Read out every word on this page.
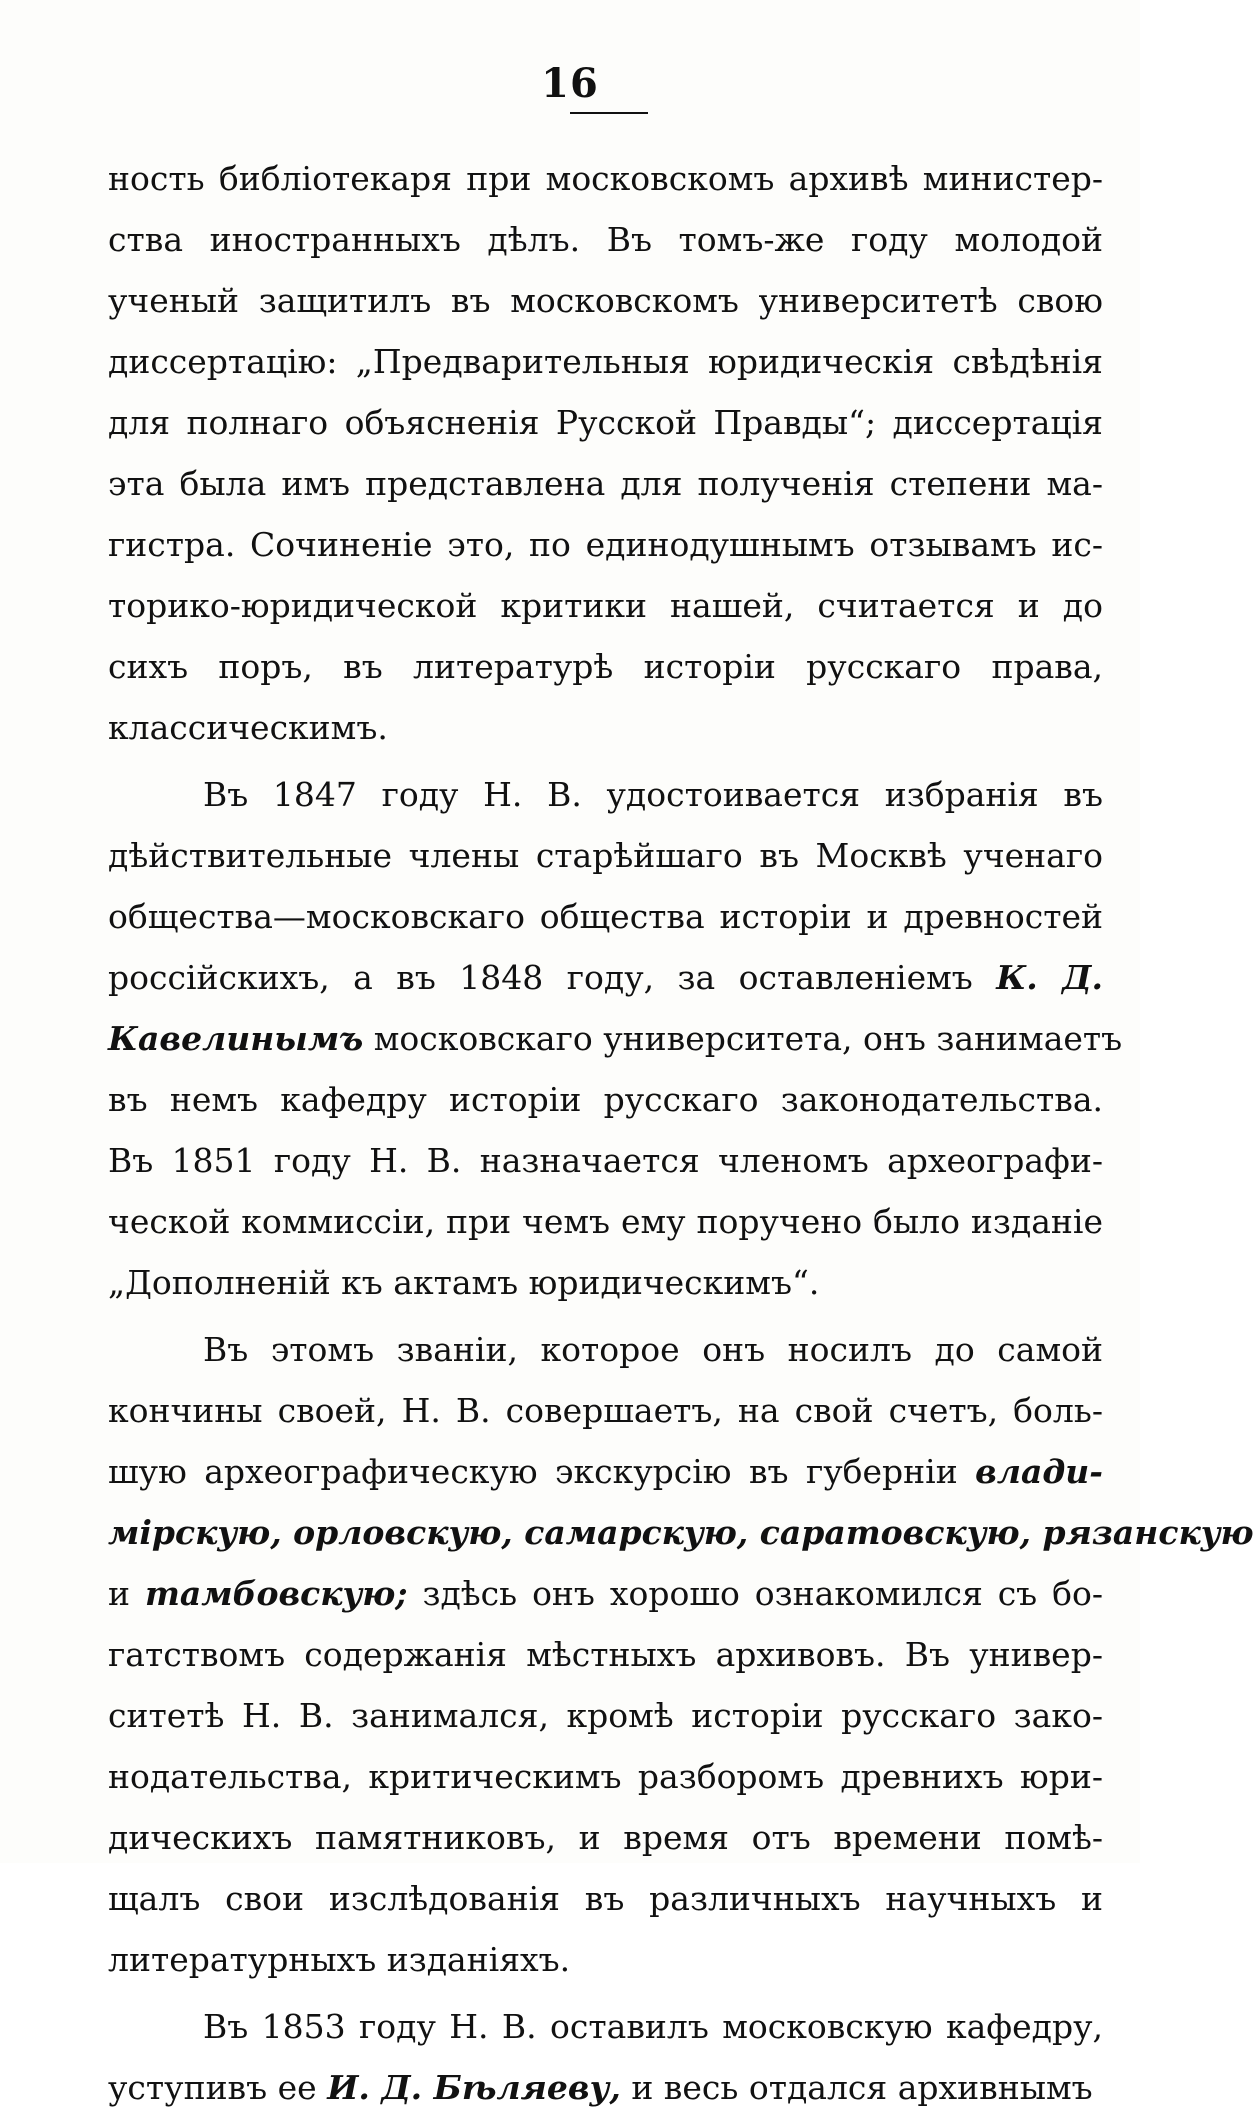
16
ность библіотекаря при московскомъ архивѣ министер-
ства иностранныхъ дѣлъ. Въ томъ-же году молодой
ученый защитилъ въ московскомъ университетѣ свою
диссертацію: „Предварительныя юридическія свѣдѣнія
для полнаго объясненія Русской Правды“; диссертація
эта была имъ представлена для полученія степени ма-
гистра. Сочиненіе это, по единодушнымъ отзывамъ ис-
торико-юридической критики нашей, считается и до
сихъ поръ, въ литературѣ исторіи русскаго права,
классическимъ.
Въ 1847 году Н. В. удостоивается избранія въ
дѣйствительные члены старѣйшаго въ Москвѣ ученаго
общества—московскаго общества исторіи и древностей
россійскихъ, а въ 1848 году, за оставленіемъ К. Д.
Кавелинымъ московскаго университета, онъ занимаетъ
въ немъ кафедру исторіи русскаго законодательства.
Въ 1851 году Н. В. назначается членомъ археографи-
ческой коммиссіи, при чемъ ему поручено было изданіе
„Дополненій къ актамъ юридическимъ“.
Въ этомъ званіи, которое онъ носилъ до самой
кончины своей, Н. В. совершаетъ, на свой счетъ, боль-
шую археографическую экскурсію въ губерніи влади-
мірскую, орловскую, самарскую, саратовскую, рязанскую
и тамбовскую; здѣсь онъ хорошо ознакомился съ бо-
гатствомъ содержанія мѣстныхъ архивовъ. Въ универ-
ситетѣ Н. В. занимался, кромѣ исторіи русскаго зако-
нодательства, критическимъ разборомъ древнихъ юри-
дическихъ памятниковъ, и время отъ времени помѣ-
щалъ свои изслѣдованія въ различныхъ научныхъ и
литературныхъ изданіяхъ.
Въ 1853 году Н. В. оставилъ московскую кафедру,
уступивъ ее И. Д. Бѣляеву, и весь отдался архивнымъ
